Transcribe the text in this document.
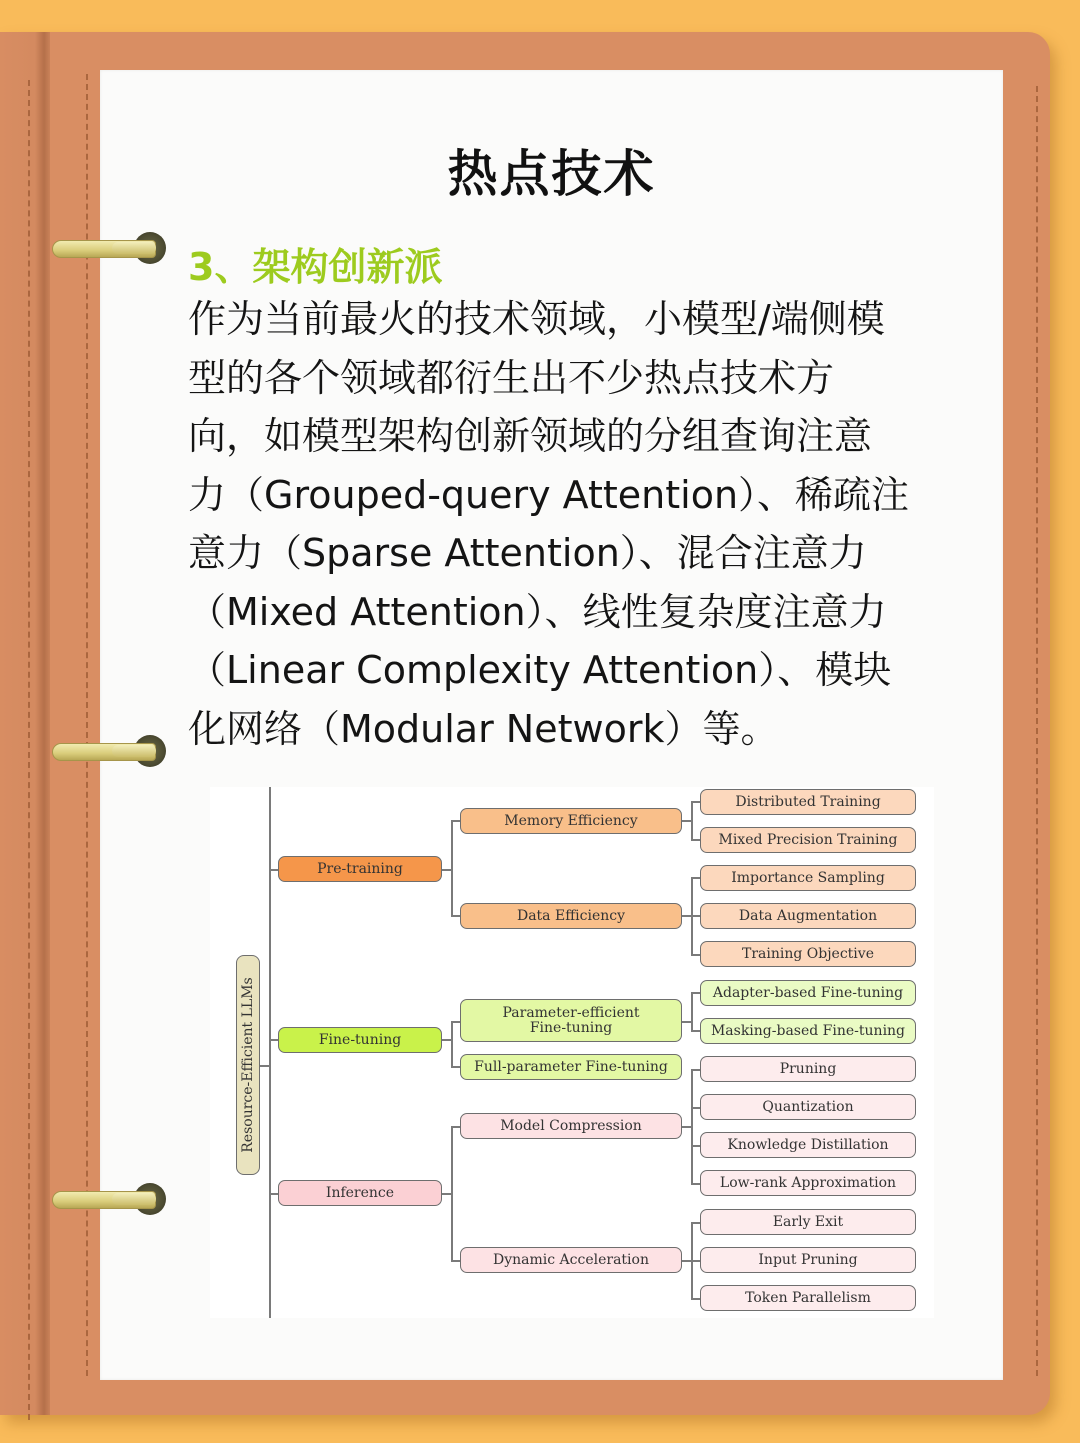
热点技术
3、架构创新派
作为当前最火的技术领域，小模型/端侧模
型的各个领域都衍生出不少热点技术方
向，如模型架构创新领域的分组查询注意
力（Grouped-query Attention）、稀疏注
意力（Sparse Attention）、混合注意力
（Mixed Attention）、线性复杂度注意力
（Linear Complexity Attention）、模块
化网络（Modular Network）等。
Resource-Efficient LLMs
Pre-training
Fine-tuning
Inference
Memory Efficiency
Data Efficiency
Parameter-efficient
Fine-tuning
Full-parameter Fine-tuning
Model Compression
Dynamic Acceleration
Distributed Training
Mixed Precision Training
Importance Sampling
Data Augmentation
Training Objective
Adapter-based Fine-tuning
Masking-based Fine-tuning
Pruning
Quantization
Knowledge Distillation
Low-rank Approximation
Early Exit
Input Pruning
Token Parallelism
